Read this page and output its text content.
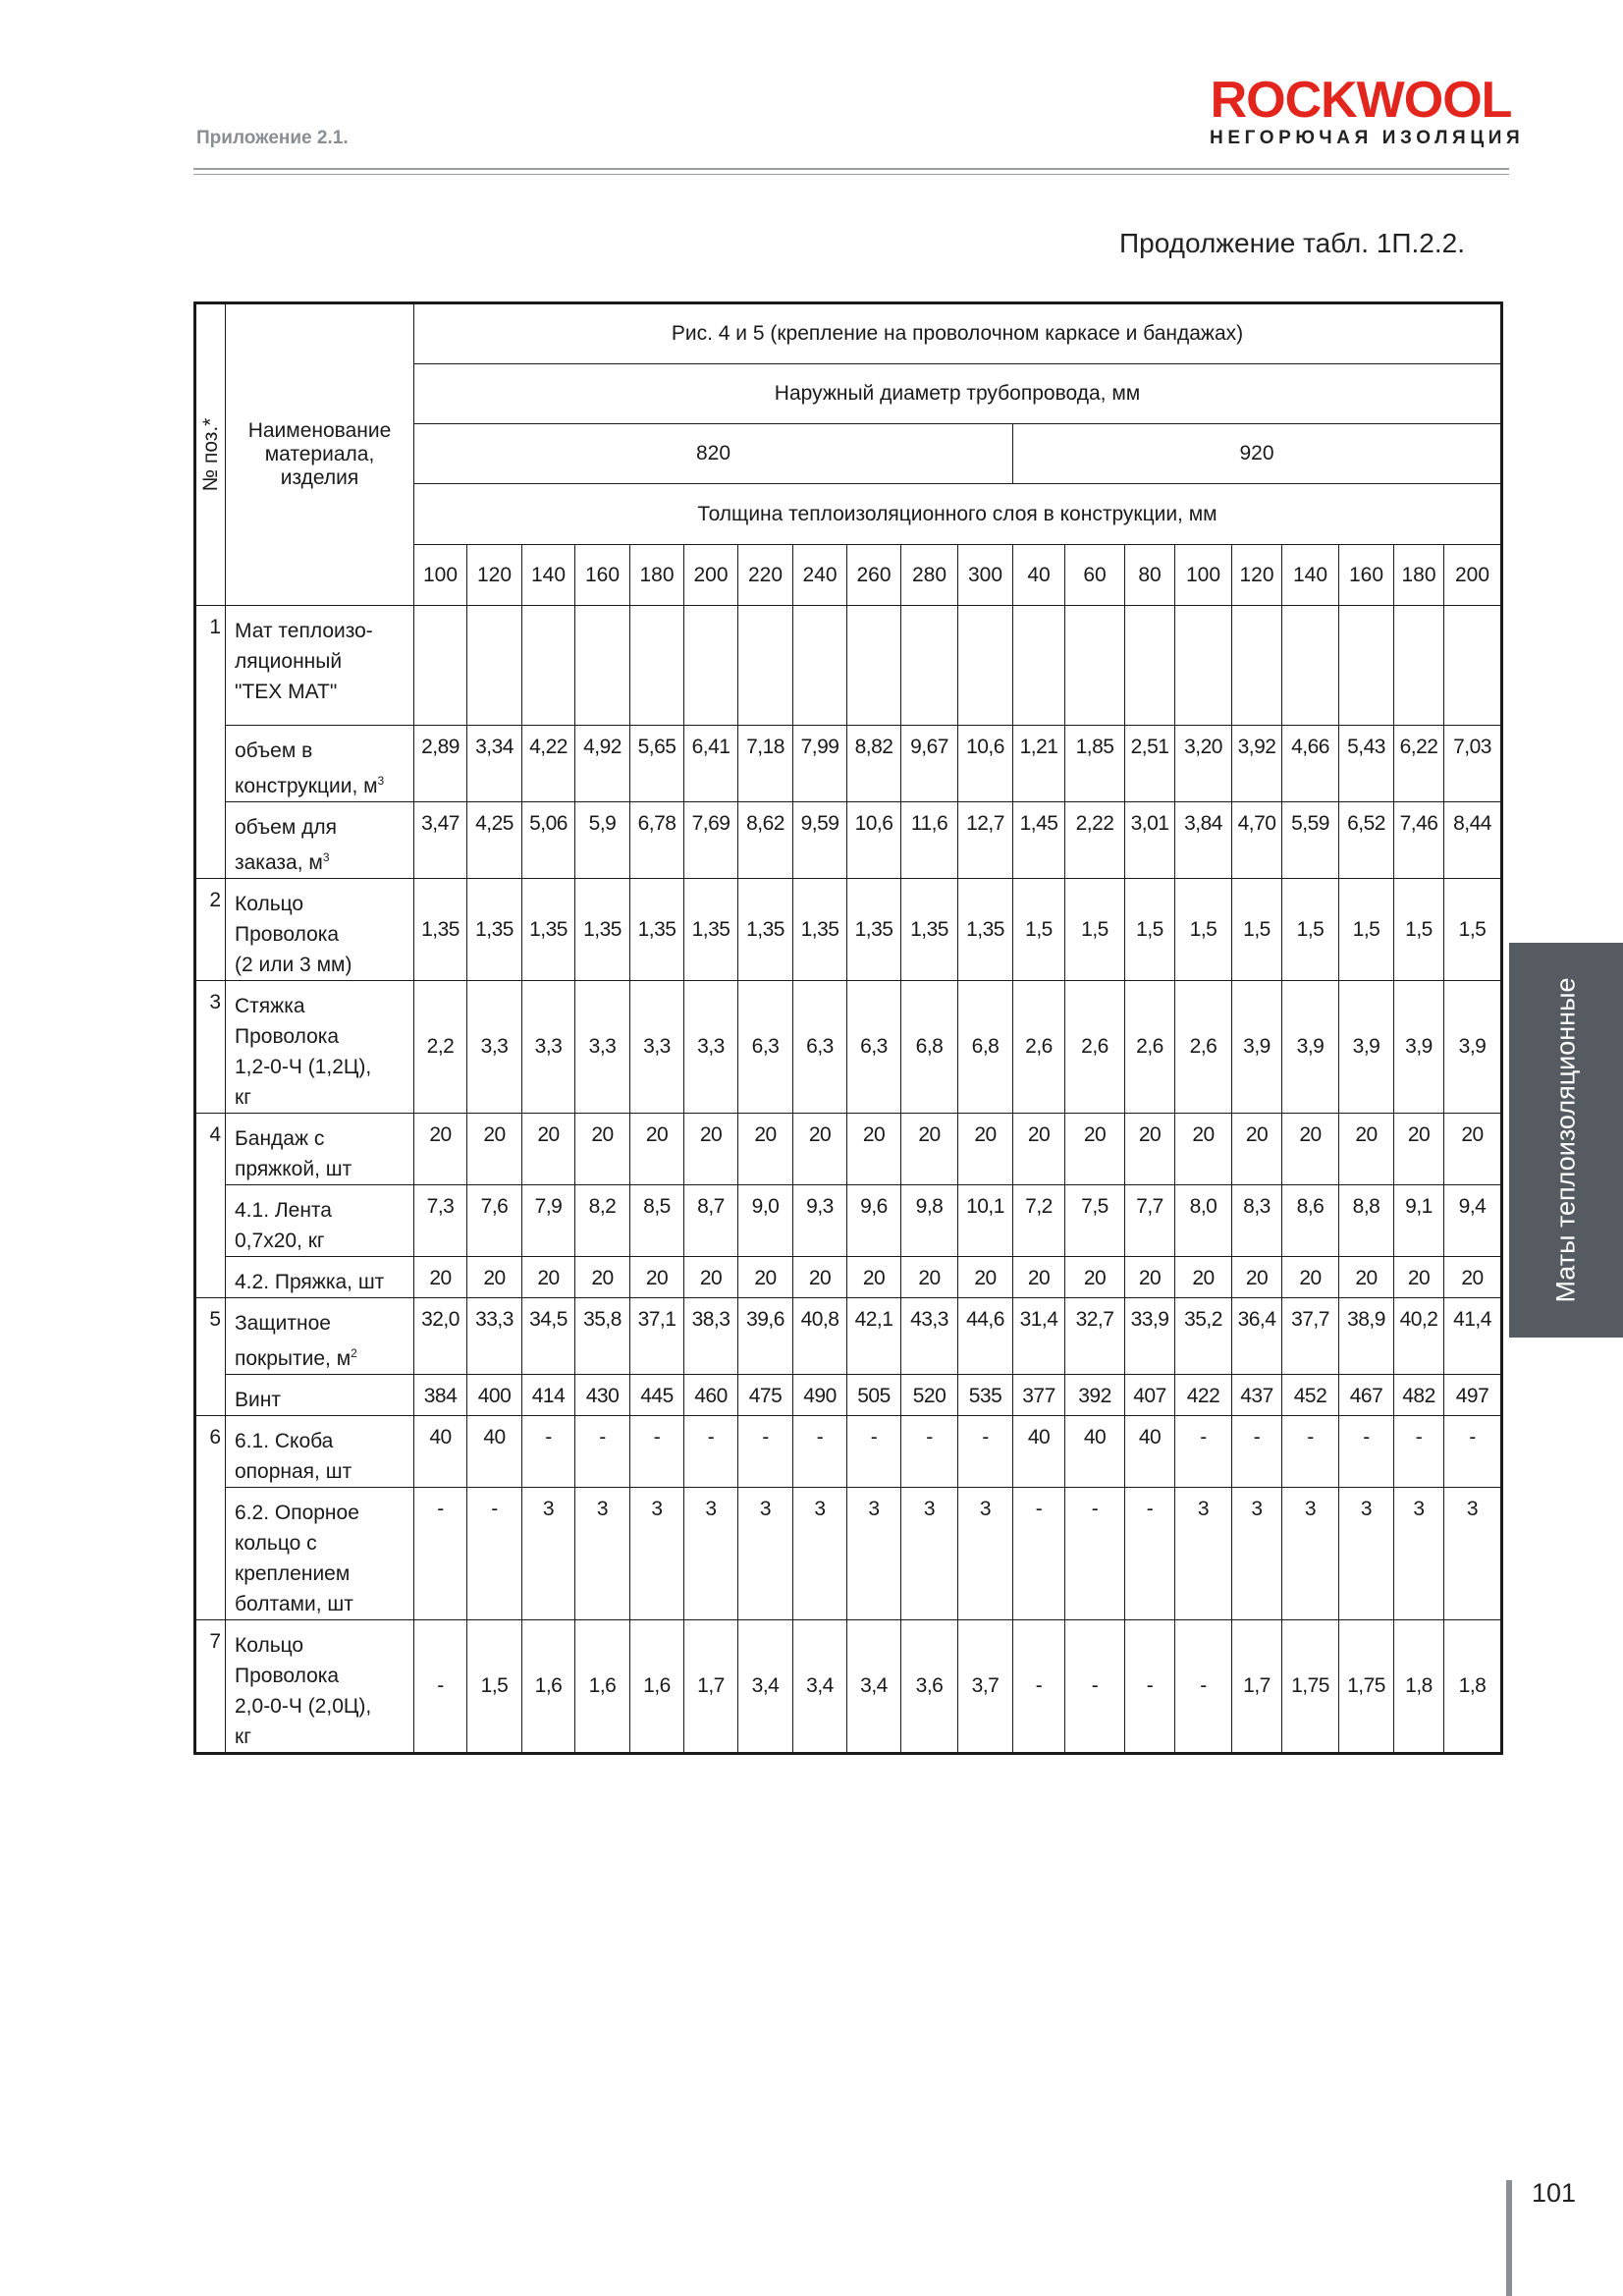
Приложение 2.1.
ROCKWOOL
НЕГОРЮЧАЯ ИЗОЛЯЦИЯ
Продолжение табл. 1П.2.2.
№ поз.*	Наименование материала, изделия	Рис. 4 и 5 (крепление на проволочном каркасе и бандажах)																			
		Наружный диаметр трубопровода, мм																			
		820											920								
		Толщина теплоизоляционного слоя в конструкции, мм																			
		100	120	140	160	180	200	220	240	260	280	300	40	60	80	100	120	140	160	180	200
1	Мат теплоизо-
ляционный
"ТЕХ МАТ"																				
	объем в
конструкции, $м^3$	2,89	3,34	4,22	4,92	5,65	6,41	7,18	7,99	8,82	9,67	10,6	1,21	1,85	2,51	3,20	3,92	4,66	5,43	6,22	7,03
	объем для
заказа, $м^3$	3,47	4,25	5,06	5,9	6,78	7,69	8,62	9,59	10,6	11,6	12,7	1,45	2,22	3,01	3,84	4,70	5,59	6,52	7,46	8,44
2	Кольцо
Проволока
(2 или 3 мм)	1,35	1,35	1,35	1,35	1,35	1,35	1,35	1,35	1,35	1,35	1,35	1,5	1,5	1,5	1,5	1,5	1,5	1,5	1,5	1,5
3	Стяжка
Проволока
1,2-0-Ч (1,2Ц),
кг	2,2	3,3	3,3	3,3	3,3	3,3	6,3	6,3	6,3	6,8	6,8	2,6	2,6	2,6	2,6	3,9	3,9	3,9	3,9	3,9
4	Бандаж с
пряжкой, шт	20	20	20	20	20	20	20	20	20	20	20	20	20	20	20	20	20	20	20	20
	4.1. Лента
0,7х20, кг	7,3	7,6	7,9	8,2	8,5	8,7	9,0	9,3	9,6	9,8	10,1	7,2	7,5	7,7	8,0	8,3	8,6	8,8	9,1	9,4
	4.2. Пряжка, шт	20	20	20	20	20	20	20	20	20	20	20	20	20	20	20	20	20	20	20	20
5	Защитное
покрытие, $м^2$	32,0	33,3	34,5	35,8	37,1	38,3	39,6	40,8	42,1	43,3	44,6	31,4	32,7	33,9	35,2	36,4	37,7	38,9	40,2	41,4
	Винт	384	400	414	430	445	460	475	490	505	520	535	377	392	407	422	437	452	467	482	497
6	6.1. Скоба
опорная, шт	40	40	-	-	-	-	-	-	-	-	-	40	40	40	-	-	-	-	-	-
	6.2. Опорное
кольцо с
креплением
болтами, шт	-	-	3	3	3	3	3	3	3	3	3	-	-	-	3	3	3	3	3	3
7	Кольцо
Проволока
2,0-0-Ч (2,0Ц),
кг	-	1,5	1,6	1,6	1,6	1,7	3,4	3,4	3,4	3,6	3,7	-	-	-	-	1,7	1,75	1,75	1,8	1,8
Маты теплоизоляционные
101
